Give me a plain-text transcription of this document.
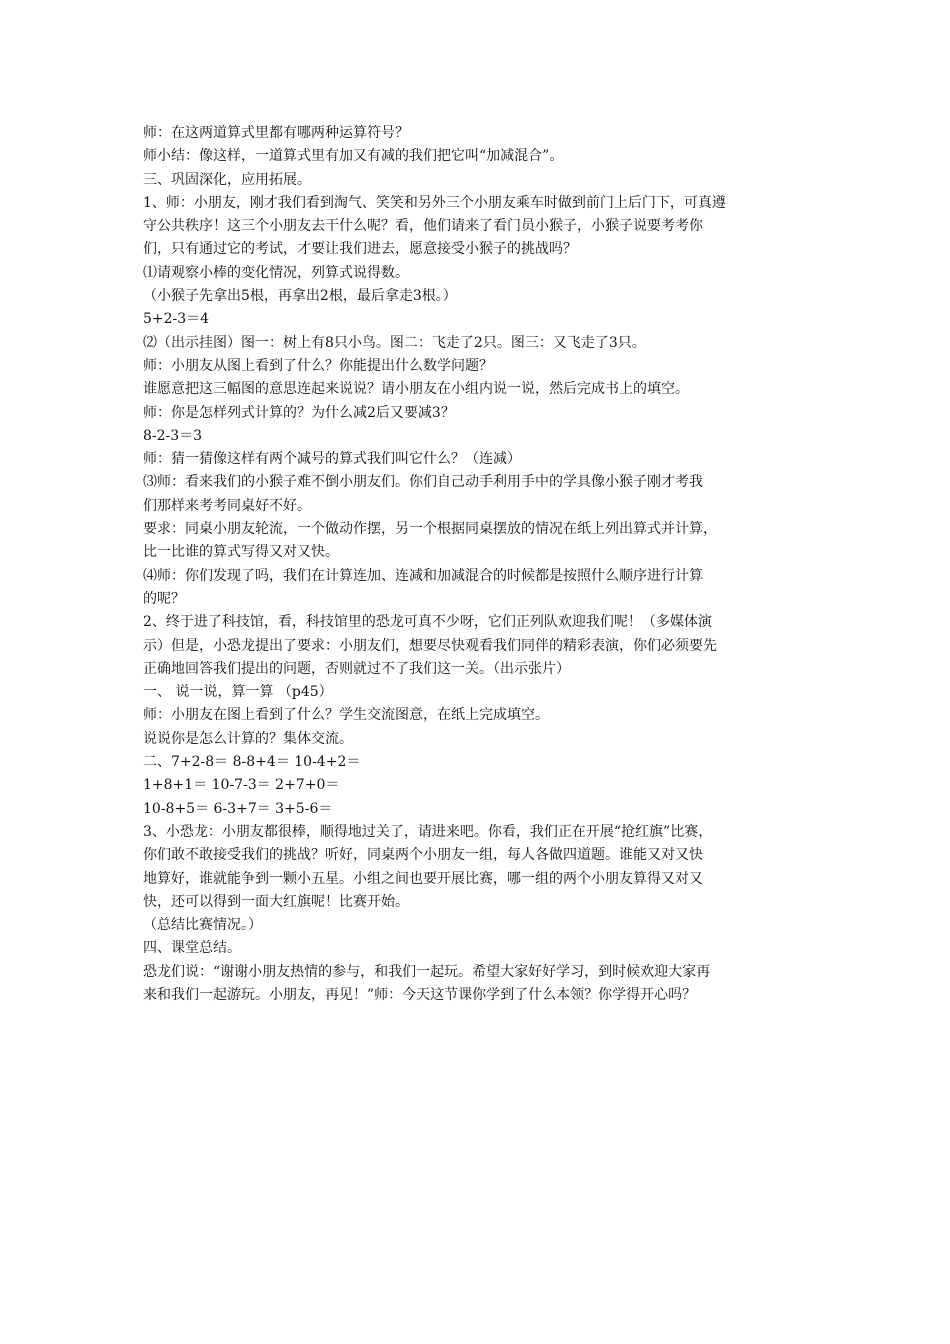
师：在这两道算式里都有哪两种运算符号？

师小结：像这样，一道算式里有加又有减的我们把它叫“加减混合”。

三、巩固深化，应用拓展。

1、师：小朋友，刚才我们看到淘气、笑笑和另外三个小朋友乘车时做到前门上后门下，可真遵

守公共秩序！这三个小朋友去干什么呢？看，他们请来了看门员小猴子，小猴子说要考考你

们，只有通过它的考试，才要让我们进去，愿意接受小猴子的挑战吗？

⑴请观察小棒的变化情况，列算式说得数。

（小猴子先拿出5根，再拿出2根，最后拿走3根。）

5+2-3＝4

⑵（出示挂图）图一：树上有8只小鸟。图二：飞走了2只。图三：又飞走了3只。

师：小朋友从图上看到了什么？你能提出什么数学问题？

谁愿意把这三幅图的意思连起来说说？请小朋友在小组内说一说，然后完成书上的填空。

师：你是怎样列式计算的？为什么减2后又要减3？

8-2-3＝3

师：猜一猜像这样有两个减号的算式我们叫它什么？（连减）

⑶师：看来我们的小猴子难不倒小朋友们。你们自己动手利用手中的学具像小猴子刚才考我

们那样来考考同桌好不好。

要求：同桌小朋友轮流，一个做动作摆，另一个根据同桌摆放的情况在纸上列出算式并计算，

比一比谁的算式写得又对又快。

⑷师：你们发现了吗，我们在计算连加、连减和加减混合的时候都是按照什么顺序进行计算

的呢？

2、终于进了科技馆，看，科技馆里的恐龙可真不少呀，它们正列队欢迎我们呢！（多媒体演

示）但是，小恐龙提出了要求：小朋友们，想要尽快观看我们同伴的精彩表演，你们必须要先

正确地回答我们提出的问题，否则就过不了我们这一关。（出示张片）

一、 说一说，算一算 （p45）

师：小朋友在图上看到了什么？学生交流图意，在纸上完成填空。

说说你是怎么计算的？集体交流。

二、7+2-8＝ 8-8+4＝ 10-4+2＝

1+8+1＝ 10-7-3＝ 2+7+0＝

10-8+5＝ 6-3+7＝ 3+5-6＝

3、小恐龙：小朋友都很棒，顺得地过关了，请进来吧。你看，我们正在开展“抢红旗”比赛，

你们敢不敢接受我们的挑战？听好，同桌两个小朋友一组，每人各做四道题。谁能又对又快

地算好，谁就能争到一颗小五星。小组之间也要开展比赛，哪一组的两个小朋友算得又对又

快，还可以得到一面大红旗呢！比赛开始。

（总结比赛情况。）

四、课堂总结。

恐龙们说：“谢谢小朋友热情的参与，和我们一起玩。希望大家好好学习，到时候欢迎大家再

来和我们一起游玩。小朋友，再见！”师：今天这节课你学到了什么本领？你学得开心吗？
